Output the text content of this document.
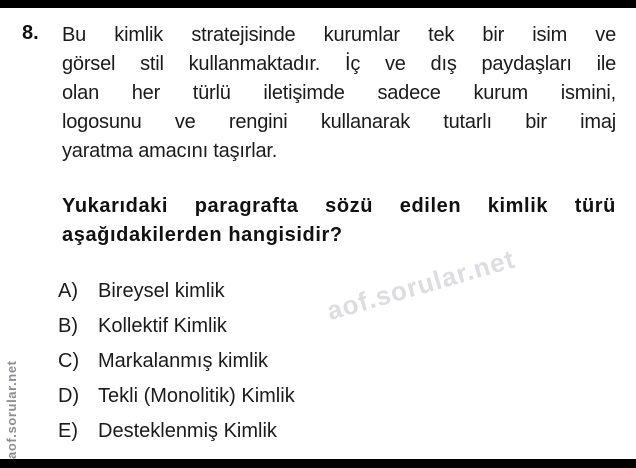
aof.sorular.net
aof.sorular.net
8. Bu kimlik stratejisinde kurumlar tek bir isim ve
görsel stil kullanmaktadır. İç ve dış paydaşları ile
olan her türlü iletişimde sadece kurum ismini,
logosunu ve rengini kullanarak tutarlı bir imaj
yaratma amacını taşırlar.
Yukarıdaki paragrafta sözü edilen kimlik türü
aşağıdakilerden hangisidir?
A)	Bireysel kimlik
B)	Kollektif Kimlik
C) Markalanmış kimlik
D) Tekli (Monolitik) Kimlik
E)	Desteklenmiş Kimlik
